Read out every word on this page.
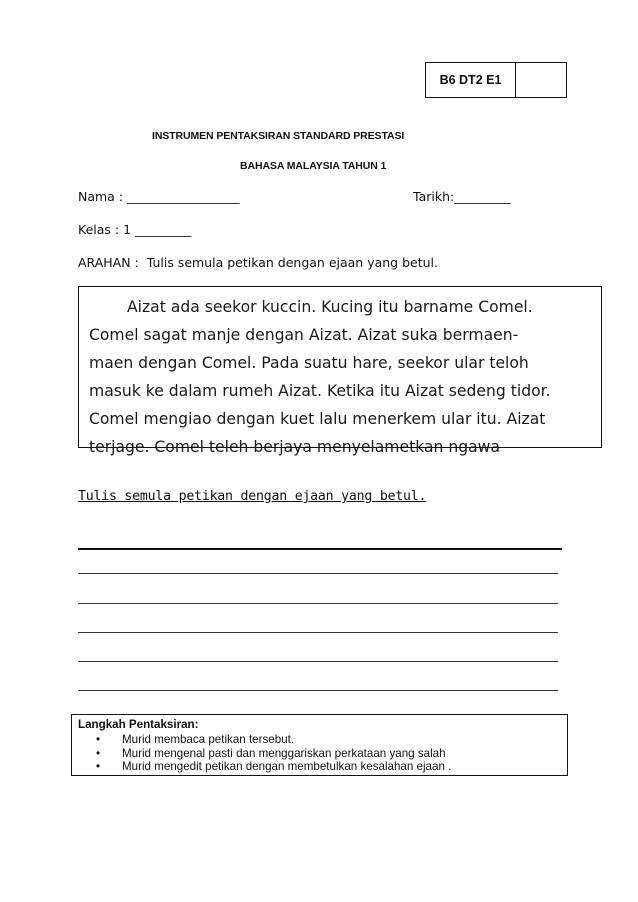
B6 DT2 E1
INSTRUMEN PENTAKSIRAN STANDARD PRESTASI
BAHASA MALAYSIA TAHUN 1
Nama : __________________	Tarikh:_________
Kelas : 1 _________
ARAHAN :  Tulis semula petikan dengan ejaan yang betul.
Aizat ada seekor kuccin. Kucing itu barname Comel.
Comel sagat manje dengan Aizat. Aizat suka bermaen-
maen dengan Comel. Pada suatu hare, seekor ular teloh
masuk ke dalam rumeh Aizat. Ketika itu Aizat sedeng tidor.
Comel mengiao dengan kuet lalu menerkem ular itu. Aizat
terjage. Comel teleh berjaya menyelametkan ngawa
Tulis semula petikan dengan ejaan yang betul.
Langkah Pentaksiran:
• Murid membaca petikan tersebut.
• Murid mengenal pasti dan menggariskan perkataan yang salah
• Murid mengedit petikan dengan membetulkan kesalahan ejaan .
